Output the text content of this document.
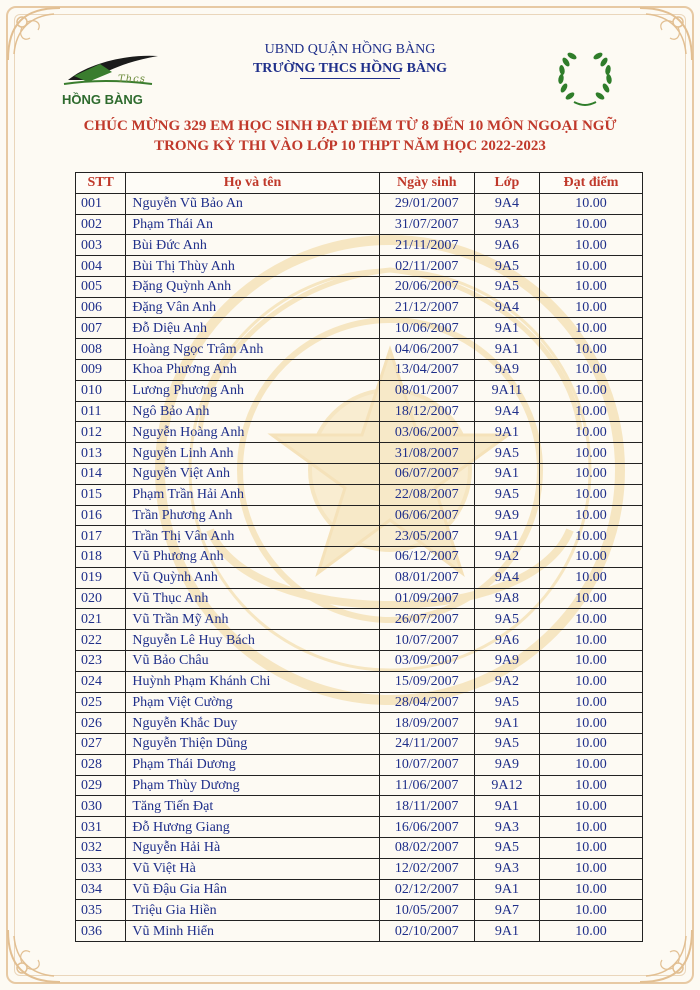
Thcs
HỒNG BÀNG
UBND QUẬN HỒNG BÀNG
TRƯỜNG THCS HỒNG BÀNG
CHÚC MỪNG 329 EM HỌC SINH ĐẠT ĐIỂM TỪ 8 ĐẾN 10 MÔN NGOẠI NGỮ
TRONG KỲ THI VÀO LỚP 10 THPT NĂM HỌC 2022-2023
STT	Họ và tên	Ngày sinh	Lớp	Đạt điểm
001	Nguyễn Vũ Bảo An	29/01/2007	9A4	10.00
002	Phạm Thái An	31/07/2007	9A3	10.00
003	Bùi Đức Anh	21/11/2007	9A6	10.00
004	Bùi Thị Thùy Anh	02/11/2007	9A5	10.00
005	Đặng Quỳnh Anh	20/06/2007	9A5	10.00
006	Đặng Vân Anh	21/12/2007	9A4	10.00
007	Đỗ Diệu Anh	10/06/2007	9A1	10.00
008	Hoàng Ngọc Trâm Anh	04/06/2007	9A1	10.00
009	Khoa Phương Anh	13/04/2007	9A9	10.00
010	Lương Phương Anh	08/01/2007	9A11	10.00
011	Ngô Bảo Anh	18/12/2007	9A4	10.00
012	Nguyễn Hoàng Anh	03/06/2007	9A1	10.00
013	Nguyễn Linh Anh	31/08/2007	9A5	10.00
014	Nguyễn Việt Anh	06/07/2007	9A1	10.00
015	Phạm Trần Hải Anh	22/08/2007	9A5	10.00
016	Trần Phương Anh	06/06/2007	9A9	10.00
017	Trần Thị Vân Anh	23/05/2007	9A1	10.00
018	Vũ Phương Anh	06/12/2007	9A2	10.00
019	Vũ Quỳnh Anh	08/01/2007	9A4	10.00
020	Vũ Thục Anh	01/09/2007	9A8	10.00
021	Vũ Trần Mỹ Anh	26/07/2007	9A5	10.00
022	Nguyễn Lê Huy Bách	10/07/2007	9A6	10.00
023	Vũ Bảo Châu	03/09/2007	9A9	10.00
024	Huỳnh Phạm Khánh Chi	15/09/2007	9A2	10.00
025	Phạm Việt Cường	28/04/2007	9A5	10.00
026	Nguyễn Khắc Duy	18/09/2007	9A1	10.00
027	Nguyễn Thiện Dũng	24/11/2007	9A5	10.00
028	Phạm Thái Dương	10/07/2007	9A9	10.00
029	Phạm Thùy Dương	11/06/2007	9A12	10.00
030	Tăng Tiến Đạt	18/11/2007	9A1	10.00
031	Đỗ Hương Giang	16/06/2007	9A3	10.00
032	Nguyễn Hải Hà	08/02/2007	9A5	10.00
033	Vũ Việt Hà	12/02/2007	9A3	10.00
034	Vũ Đậu Gia Hân	02/12/2007	9A1	10.00
035	Triệu Gia Hiền	10/05/2007	9A7	10.00
036	Vũ Minh Hiển	02/10/2007	9A1	10.00
